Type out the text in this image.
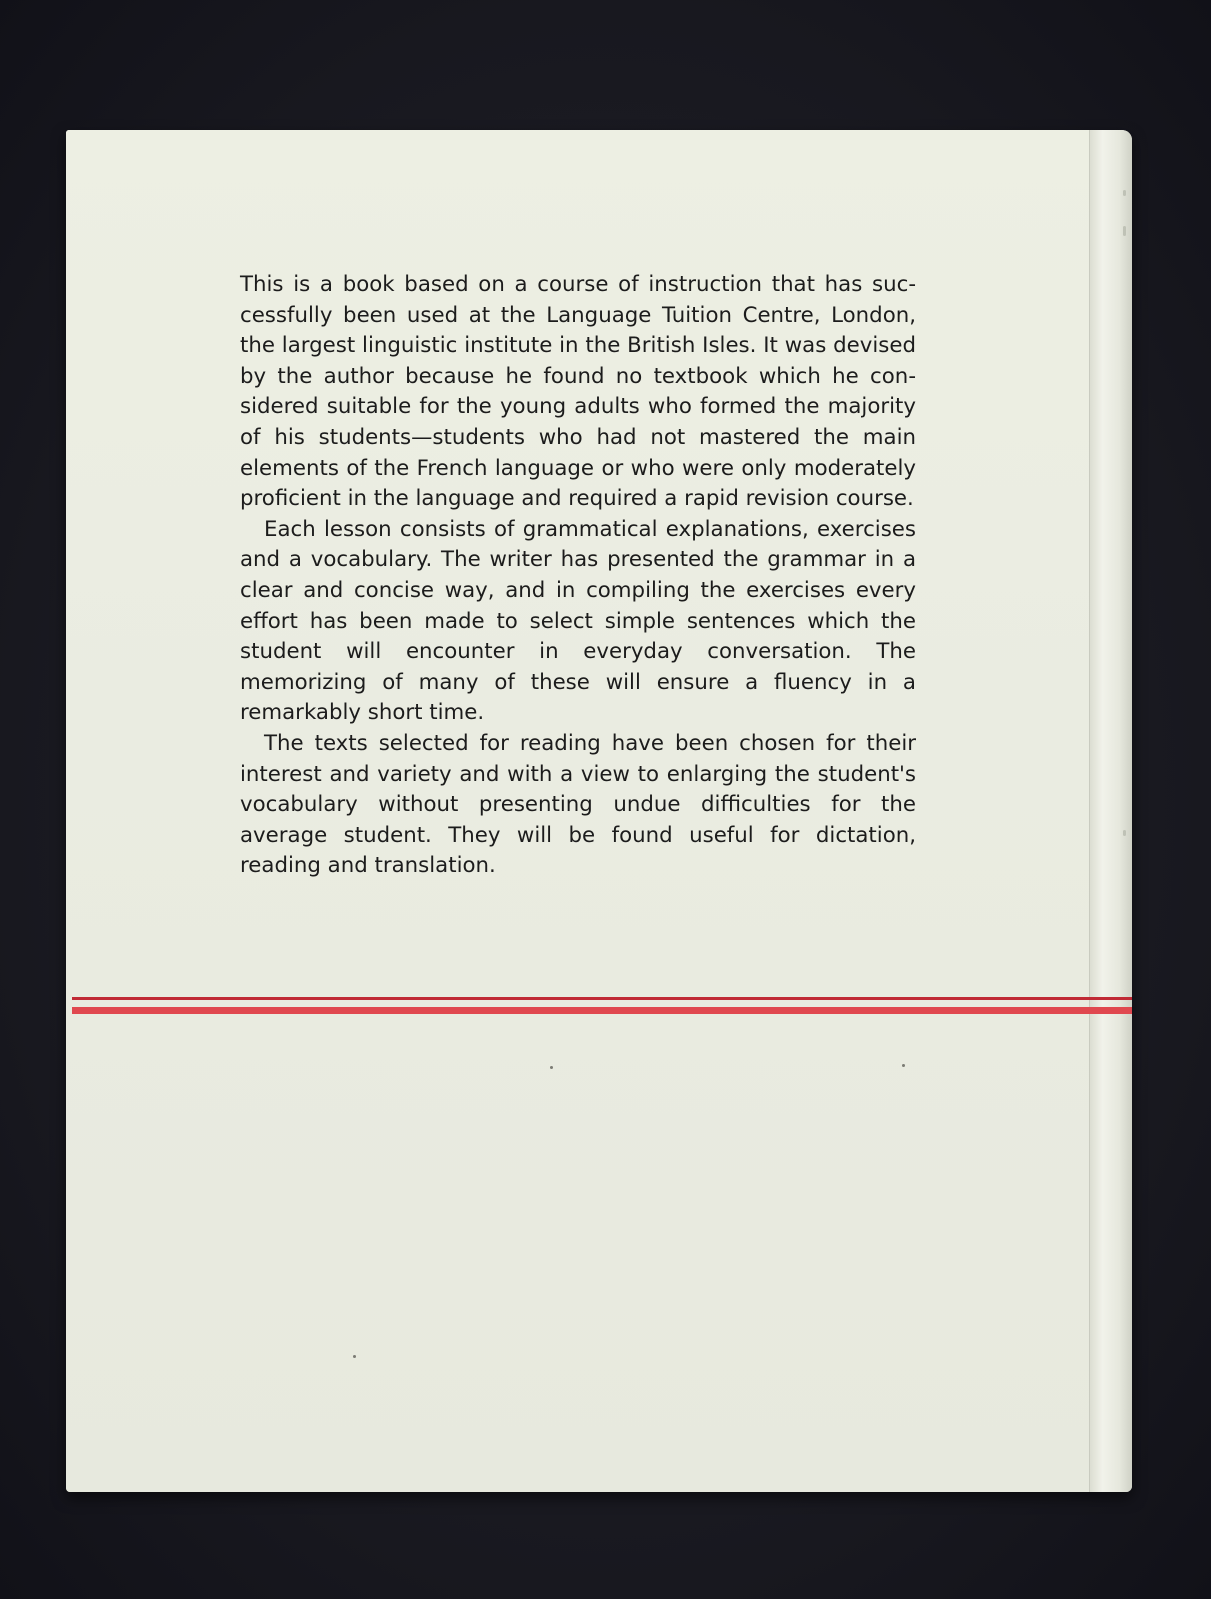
This is a book based on a course of instruction that has successfully been used at the Language Tuition Centre, London, the largest linguistic institute in the British Isles. It was devised by the author because he found no textbook which he considered suitable for the young adults who formed the majority of his students—students who had not mastered the main elements of the French language or who were only moderately proficient in the language and required a rapid revision course.

Each lesson consists of grammatical explanations, exercises and a vocabulary. The writer has presented the grammar in a clear and concise way, and in compiling the exercises every effort has been made to select simple sentences which the student will encounter in everyday conversation. The memorizing of many of these will ensure a fluency in a remarkably short time.

The texts selected for reading have been chosen for their interest and variety and with a view to enlarging the student's vocabulary without presenting undue difficulties for the average student. They will be found useful for dictation, reading and translation.
